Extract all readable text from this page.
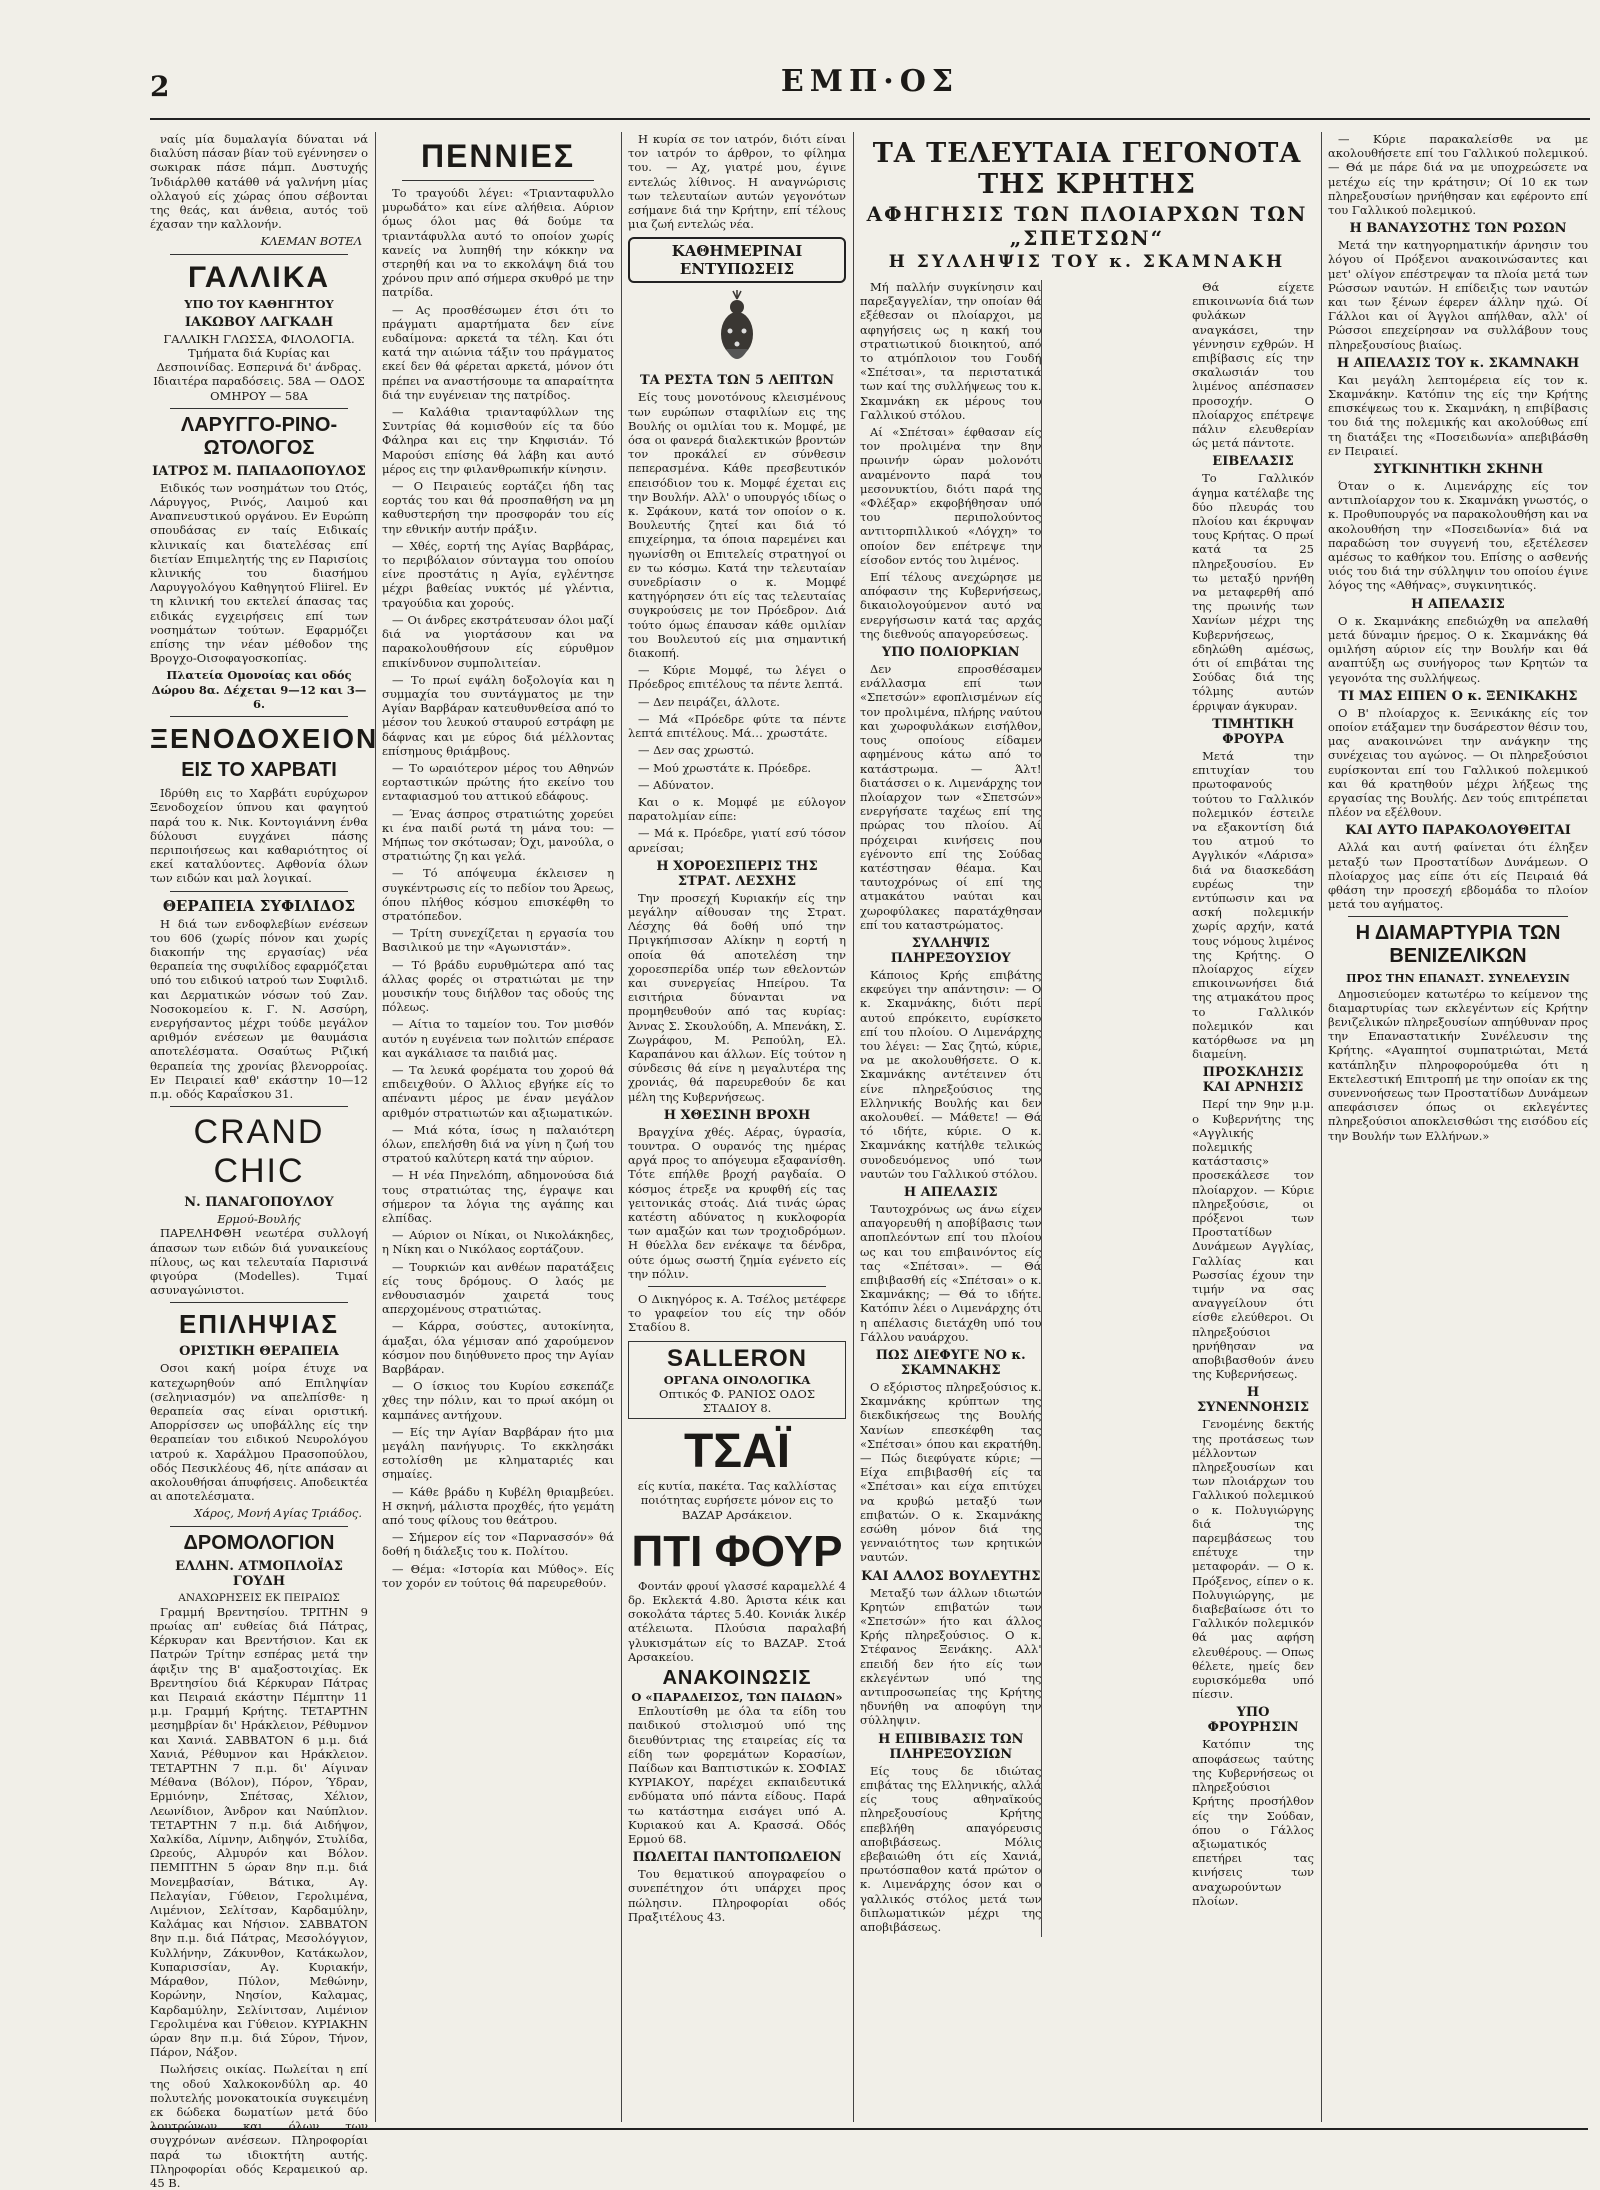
2	ΕΜΠ·ΟΣ

ναίς μία δυμαλαγία δύναται νά διαλύση πάσαν βίαν τοϋ εγέννησεν ο σωκιρακ πάσε πάμπ. Δυστυχής Ίνδιάρλθθ κατάθθ νά γαλνήνη μίας ολλαγού είς χώρας όπου σέβονται της θεάς, και άνθεια, αυτός τοϋ έχασαν την καλλονήν.

ΚΛΕΜΑΝ ΒΟΤΕΛ
ΓΑΛΛΙΚΑ
ΥΠΟ ΤΟΥ ΚΑΘΗΓΗΤΟΥ
ΙΑΚΩΒΟΥ ΛΑΓΚΑΔΗ

ΓΑΛΛΙΚΗ ΓΛΩΣΣΑ, ΦΙΛΟΛΟΓΙΑ. Τμήματα διά Κυρίας και Δεσποινίδας. Εσπερινά δι' άνδρας. Ιδιαιτέρα παραδόσεις. 58Α — ΟΔΟΣ ΟΜΗΡΟΥ — 58Α

ΛΑΡΥΓΓΟ-ΡΙΝΟ-ΩΤΟΛΟΓΟΣ
ΙΑΤΡΟΣ Μ. ΠΑΠΑΔΟΠΟΥΛΟΣ

Ειδικός των νοσημάτων του Ωτός, Λάρυγγος, Ρινός, Λαιμού και Αναπνευστικού οργάνου. Εν Ευρώπη σπουδάσας εν ταίς Ειδικαίς κλινικαίς και διατελέσας επί διετίαν Επιμελητής της εν Παρισίοις κλινικής του διασήμου Λαρυγγολόγου Καθηγητού Fliirel. Εν τη κλινική του εκτελεί άπασας τας ειδικάς εγχειρήσεις επί των νοσημάτων τούτων. Εφαρμόζει επίσης την νέαν μέθοδον της Βρογχο-Οισοφαγοσκοπίας.

Πλατεία Ομονοίας και οδός Δώρου 8α. Δέχεται 9—12 και 3—6.

ΞΕΝΟΔΟΧΕΙΟΝ
ΕΙΣ ΤΟ ΧΑΡΒΑΤΙ

Ιδρύθη εις το Χαρβάτι ευρύχωρον Ξενοδοχείον ύπνου και φαγητού παρά του κ. Νικ. Κοντογιάννη ένθα δύλουσι ευγχάνει πάσης περιποιήσεως και καθαριότητος οί εκεί καταλύοντες. Αφθονία όλων των ειδών και μαλ λογικαί.

ΘΕΡΑΠΕΙΑ ΣΥΦΙΛΙΔΟΣ

Η διά των ενδοφλεβίων ενέσεων του 606 (χωρίς πόνον και χωρίς διακοπήν της εργασίας) νέα θεραπεία της συφιλίδος εφαρμόζεται υπό του ειδικού ιατρού των Συφιλιδ. και Δερματικών νόσων τού Ζαν. Νοσοκομείου κ. Γ. Ν. Ασσύρη, ενεργήσαντος μέχρι τούδε μεγάλον αριθμόν ενέσεων με θαυμάσια αποτελέσματα. Οσαύτως Ριζική θεραπεία της χρονίας βλενορροίας. Εν Πειραιεί καθ' εκάστην 10—12 π.μ. οδός Καραΐσκου 31.

CRAND CHIC
Ν. ΠΑΝΑΓΟΠΟΥΛΟΥ
Ερμού-Βουλής

ΠΑΡΕΛΗΦΘΗ νεωτέρα συλλογή άπασων των ειδών διά γυναικείους πίλους, ως και τελευταία Παρισινά φιγούρα (Modelles). Τιμαί ασυναγώνιστοι.

ΕΠΙΛΗΨΙΑΣ
ΟΡΙΣΤΙΚΗ ΘΕΡΑΠΕΙΑ

Οσοι κακή μοίρα έτυχε να κατεχωρηθούν από Επιληψίαν (σεληνιασμόν) να απελπίσθε· η θεραπεία σας είναι οριστική. Απορρίσσεν ως υποβάλλης είς την θεραπείαν του ειδικού Νευρολόγου ιατρού κ. Χαράλμου Πρασοπούλου, οδός Πεσικλέους 46, ηίτε απάσαν αι ακολουθήσαι άπυφήσεις. Αποδεικτέα αι αποτελέσματα.

Χάρος, Μονή Αγίας Τριάδος.
ΔΡΟΜΟΛΟΓΙΟΝ
ΕΛΛΗΝ. ΑΤΜΟΠΛΟΪΑΣ ΓΟΥΔΗ
ΑΝΑΧΩΡΗΣΕΙΣ ΕΚ ΠΕΙΡΑΙΩΣ

Γραμμή Βρεντησίου. ΤΡΙΤΗΝ 9 πρωίας απ' ευθείας διά Πάτρας, Κέρκυραν και Βρεντήσιον. Και εκ Πατρών Τρίτην εσπέρας μετά την άφιξιν της Β' αμαξοστοιχίας. Εκ Βρεντησίου διά Κέρκυραν Πάτρας και Πειραιά εκάστην Πέμπτην 11 μ.μ. Γραμμή Κρήτης. ΤΕΤΑΡΤΗΝ μεσημβρίαν δι' Ηράκλειον, Ρέθυμνον και Χανιά. ΣΑΒΒΑΤΟΝ 6 μ.μ. διά Χανιά, Ρέθυμνον και Ηράκλειον. ΤΕΤΑΡΤΗΝ 7 π.μ. δι' Αίγιναν Μέθανα (Βόλον), Πόρον, Ύδραν, Ερμιόνην, Σπέτσας, Χέλιον, Λεωνίδιον, Άνδρον και Ναύπλιον. ΤΕΤΑΡΤΗΝ 7 π.μ. διά Αιδήψον, Χαλκίδα, Λίμνην, Αιδηψόν, Στυλίδα, Ωρεούς, Αλμυρόν και Βόλον. ΠΕΜΠΤΗΝ 5 ώραν 8ην π.μ. διά Μονεμβασίαν, Βάτικα, Αγ. Πελαγίαν, Γύθειον, Γερολιμένα, Λιμένιον, Σελίτσαν, Καρδαμύλην, Καλάμας και Νήσιον. ΣΑΒΒΑΤΟΝ 8ην π.μ. διά Πάτρας, Μεσολόγγιον, Κυλλήνην, Ζάκυνθον, Κατάκωλον, Κυπαρισσίαν, Αγ. Κυριακήν, Μάραθον, Πύλον, Μεθώνην, Κορώνην, Νησίον, Καλαμας, Καρδαμύλην, Σελίνιτσαν, Λιμένιον Γερολιμένα και Γύθειον. ΚΥΡΙΑΚΗΝ ώραν 8ην π.μ. διά Σύρον, Τήνον, Πάρον, Νάξον.

Πωλήσεις οικίας. Πωλείται η επί της οδού Χαλκοκονδύλη αρ. 40 πολυτελής μονοκατοικία συγκειμένη εκ δώδεκα δωματίων μετά δύο λουτρώνων και όλων των συγχρόνων ανέσεων. Πληροφορίαι παρά τω ιδιοκτήτη αυτής. Πληροφορίαι οδός Κεραμεικού αρ. 45 Β.

ΠΕΝΝΙΕΣ

Το τραγούδι λέγει: «Τριανταφυλλο μυρωδάτο» και είνε αλήθεια. Αύριον όμως όλοι μας θά δούμε τα τριαντάφυλλα αυτό το οποίον χωρίς κανείς να λυπηθή την κόκκην να στερηθή και να το εκκολάψη διά του χρόνου πριν από σήμερα σκυθρό με την πατρίδα.

— Ας προσθέσωμεν έτσι ότι το πράγματι αμαρτήματα δεν είνε ευδαίμονα: αρκετά τα τέλη. Και ότι κατά την αιώνια τάξιν του πράγματος εκεί δεν θά φέρεται αρκετά, μόνον ότι πρέπει να αναστήσουμε τα απαραίτητα διά την ευγένειαν της πατρίδος.

— Καλάθια τριανταφύλλων της Συντρίας θά κομισθούν είς τα δύο Φάληρα και εις την Κηφισιάν. Τό Μαρούσι επίσης θά λάβη και αυτό μέρος εις την φιλανθρωπικήν κίνησιν.

— Ο Πειραιεύς εορτάζει ήδη τας εορτάς του και θά προσπαθήση να μη καθυστερήση την προσφοράν του είς την εθνικήν αυτήν πράξιν.

— Χθές, εορτή της Αγίας Βαρβάρας, το περιβόλαιον σύνταγμα του οποίου είνε προστάτις η Αγία, εγλέντησε μέχρι βαθείας νυκτός μέ γλέντια, τραγούδια και χορούς.

— Οι άνδρες εκστράτευσαν όλοι μαζί διά να γιορτάσουν και να παρακολουθήσουν είς εύρυθμον επικίνδυνον συμπολιτείαν.

— Το πρωί εψάλη δοξολογία και η συμμαχία του συντάγματος με την Αγίαν Βαρβάραν κατευθυνθείσα από το μέσον του λευκού σταυρού εστράφη με δάφνας και με εύρος διά μέλλοντας επίσημους θριάμβους.

— Το ωραιότερον μέρος του Αθηνών εορταστικών πρώτης ήτο εκείνο του ενταφιασμού του αττικού εδάφους.

— Ένας άσπρος στρατιώτης χορεύει κι ένα παιδί ρωτά τη μάνα του: — Μήπως τον σκότωσαν; Όχι, μανούλα, ο στρατιώτης ζη και γελά.

— Τό απόψευμα έκλεισεν η συγκέντρωσις είς το πεδίον του Άρεως, όπου πλήθος κόσμου επισκέφθη το στρατόπεδον.

— Τρίτη συνεχίζεται η εργασία του Βασιλικού με την «Αγωνιστάν».

— Τό βράδυ ευρυθμώτερα από τας άλλας φορές οι στρατιώται με την μουσικήν τους διήλθον τας οδούς της πόλεως.

— Αίτια το ταμείον του. Τον μισθόν αυτόν η ευγένεια των πολιτών επέρασε και αγκάλιασε τα παιδιά μας.

— Τα λευκά φορέματα του χορού θά επιδειχθούν. Ο Άλλιος εβγήκε είς το απέναντι μέρος με έναν μεγάλον αριθμόν στρατιωτών και αξιωματικών.

— Μιά κότα, ίσως η παλαιότερη όλων, επελήσθη διά να γίνη η ζωή του στρατού καλύτερη κατά την αύριον.

— Η νέα Πηνελόπη, αδημονούσα διά τους στρατιώτας της, έγραψε και σήμερον τα λόγια της αγάπης και ελπίδας.

— Αύριον οι Νίκαι, οι Νικολάκηδες, η Νίκη και ο Νικόλαος εορτάζουν.

— Τουρκιών και ανθέων παρατάξεις είς τους δρόμους. Ο λαός με ενθουσιασμόν χαιρετά τους απερχομένους στρατιώτας.

— Κάρρα, σούστες, αυτοκίνητα, άμαξαι, όλα γέμισαν από χαρούμενον κόσμον που διηύθυνετο προς την Αγίαν Βαρβάραν.

— Ο ίσκιος του Κυρίου εσκεπάζε χθες την πόλιν, και το πρωί ακόμη οι καμπάνες αντήχουν.

— Είς την Αγίαν Βαρβάραν ήτο μια μεγάλη πανήγυρις. Το εκκλησάκι εστολίσθη με κληματαριές και σημαίες.

— Κάθε βράδυ η Κυβέλη θριαμβεύει. Η σκηνή, μάλιστα προχθές, ήτο γεμάτη από τους φίλους του θεάτρου.

— Σήμερον είς τον «Παρνασσόν» θά δοθή η διάλεξις του κ. Πολίτου.

— Θέμα: «Ιστορία και Μύθος». Είς τον χορόν εν τούτοις θά παρευρεθούν.

Η κυρία σε τον ιατρόν, διότι είναι τον ιατρόν το άρθρον, το φίλημα του. — Αχ, γιατρέ μου, έγινε εντελώς λίθινος. Η αναγνώρισις των τελευταίων αυτών γεγονότων εσήμανε διά την Κρήτην, επί τέλους μια ζωή εντελώς νέα.

ΚΑΘΗΜΕΡΙΝΑΙ ΕΝΤΥΠΩΣΕΙΣ
ΤΑ ΡΕΣΤΑ ΤΩΝ 5 ΛΕΠΤΩΝ

Είς τους μονοτόνους κλεισμένους των ευρώπων σταφιλίων εις της Βουλής οι ομιλίαι του κ. Μομφέ, με όσα οι φανερά διαλεκτικών βροντών τον προκάλεί εν σύνθεσιν πεπερασμένα. Κάθε πρεσβευτικόν επεισόδιον του κ. Μομφέ έχεται εις την Βουλήν. Αλλ' ο υπουργός ιδίως ο κ. Σφάκουν, κατά τον οποίον ο κ. Βουλευτής ζητεί και διά τό επιχείρημα, τα όποια παρεμένει και ηγωνίσθη οι Επιτελείς στρατηγοί οι εν τω κόσμω. Κατά την τελευταίαν συνεδρίασιν ο κ. Μομφέ κατηγόρησεν ότι είς τας τελευταίας συγκρούσεις με τον Πρόεδρον. Διά τούτο όμως έπαυσαν κάθε ομιλίαν του Βουλευτού είς μια σημαντική διακοπή.

— Κύριε Μομφέ, τω λέγει ο Πρόεδρος επιτέλους τα πέντε λεπτά.

— Δεν πειράζει, άλλοτε.

— Μά «Πρόεδρε φύτε τα πέντε λεπτά επιτέλους. Μά… χρωστάτε.

— Δεν σας χρωστώ.

— Μού χρωστάτε κ. Πρόεδρε.

— Αδύνατον.

Και ο κ. Μομφέ με εύλογον παρατολμίαν είπε:

— Μά κ. Πρόεδρε, γιατί εσύ τόσον αρνείσαι;

Η ΧΟΡΟΕΣΠΕΡΙΣ ΤΗΣ ΣΤΡΑΤ. ΛΕΣΧΗΣ

Την προσεχή Κυριακήν είς την μεγάλην αίθουσαν της Στρατ. Λέσχης θά δοθή υπό την Πριγκήπισσαν Αλίκην η εορτή η οποία θά αποτελέση την χοροεσπερίδα υπέρ των εθελοντών και συνεργείας Ηπείρου. Τα εισιτήρια δύνανται να προμηθευθούν από τας κυρίας: Άννας Σ. Σκουλούδη, Α. Μπενάκη, Σ. Ζωγράφου, Μ. Ρεπούλη, Ελ. Καραπάνου και άλλων. Είς τούτον η σύνδεσις θά είνε η μεγαλυτέρα της χρονιάς, θά παρευρεθούν δε και μέλη της Κυβερνήσεως.

Η ΧΘΕΣΙΝΗ ΒΡΟΧΗ

Βραγχίνα χθές. Αέρας, ύγρασία, τουντρα. Ο ουρανός της ημέρας αργά προς το απόγευμα εξαφανίσθη. Τότε επήλθε βροχή ραγδαία. Ο κόσμος έτρεξε να κρυφθή είς τας γειτονικάς στοάς. Διά τινάς ώρας κατέστη αδύνατος η κυκλοφορία των αμαξών και των τροχιοδρόμων. Η θύελλα δεν ενέκαψε τα δένδρα, ούτε όμως σωστή ζημία εγένετο είς την πόλιν.

Ο Δικηγόρος κ. Α. Τσέλος μετέφερε το γραφείον του είς την οδόν Σταδίου 8.

SALLERON
ΟΡΓΑΝΑ ΟΙΝΟΛΟΓΙΚΑ
Οπτικός Φ. ΡΑΝΙΟΣ ΟΔΟΣ ΣΤΑΔΙΟΥ 8.
ΤΣΑΪ

είς κυτία, πακέτα. Τας καλλίστας ποιότητας ευρήσετε μόνον εις το ΒΑΖΑΡ Αρσάκειον.

ΠΤΙ ΦΟΥΡ

Φοντάν φρουί γλασσέ καραμελλέ 4 δρ. Εκλεκτά 4.80. Άριστα κέικ και σοκολάτα τάρτες 5.40. Κονιάκ λικέρ ατέλειωτα. Πλούσια παραλαβή γλυκισμάτων είς το ΒΑΖΑΡ. Στοά Αρσακείου.

ΑΝΑΚΟΙΝΩΣΙΣ
Ο «ΠΑΡΑΔΕΙΣΟΣ, ΤΩΝ ΠΑΙΔΩΝ»

Επλουτίσθη με όλα τα είδη του παιδικού στολισμού υπό της διευθύντριας της εταιρείας είς τα είδη των φορεμάτων Κορασίων, Παίδων και Βαπτιστικών κ. ΣΟΦΙΑΣ ΚΥΡΙΑΚΟΥ, παρέχει εκπαιδευτικά ενδύματα υπό πάντα είδους. Παρά τω κατάστημα εισάγει υπό Α. Κυριακού και Α. Κρασσά. Οδός Ερμού 68.

ΠΩΛΕΙΤΑΙ ΠΑΝΤΟΠΩΛΕΙΟΝ

Του θεματικού απογραφείου ο συνεπέτηχον ότι υπάρχει προς πώλησιν. Πληροφορίαι οδός Πραξιτέλους 43.

ΤΑ ΤΕΛΕΥΤΑΙΑ ΓΕΓΟΝΟΤΑ ΤΗΣ ΚΡΗΤΗΣ
ΑΦΗΓΗΣΙΣ ΤΩΝ ΠΛΟΙΑΡΧΩΝ ΤΩΝ „ΣΠΕΤΣΩΝ“
Η ΣΥΛΛΗΨΙΣ ΤΟΥ κ. ΣΚΑΜΝΑΚΗ

Μή παλλήν συγκίνησιν και παρεξαγγελίαν, την οποίαν θά εξέθεσαν οι πλοίαρχοι, με αφηγήσεις ως η κακή του στρατιωτικού διοικητού, από το ατμόπλοιον του Γουδή «Σπέτσαι», τα περιστατικά των καί της συλλήψεως του κ. Σκαμνάκη εκ μέρους του Γαλλικού στόλου.

Αί «Σπέτσαι» έφθασαν είς τον προλιμένα την 8ην πρωινήν ώραν μολονότι αναμένοντο παρά του μεσονυκτίου, διότι παρά της «Φλέξαρ» εκφοβήθησαν υπό του περιπολούντος αντιτορπιλλικού «Λόγχη» το οποίον δεν επέτρεψε την είσοδον εντός του λιμένος.

Επί τέλους ανεχώρησε με απόφασιν της Κυβερνήσεως, δικαιολογούμενον αυτό να ενεργήσωσιν κατά τας αρχάς της διεθνούς απαγορεύσεως.

ΥΠΟ ΠΟΛΙΟΡΚΙΑΝ

Δεν επροσθέσαμεν ενάλλασμα επί των «Σπετσών» εφοπλισμένων είς τον προλιμένα, πλήρης ναύτου και χωροφυλάκων εισήλθον, τους οποίους είδαμεν αφημένους κάτω από το κατάστρωμα. — Άλτ! διατάσσει ο κ. Λιμενάρχης τον πλοίαρχον των «Σπετσών» ενεργήσατε ταχέως επί της πρώρας του πλοίου. Αί πρόχειραι κινήσεις που εγένοντο επί της Σούδας κατέστησαν θέαμα. Και ταυτοχρόνως οί επί της ατμακάτου ναύται και χωροφύλακες παρατάχθησαν επί του καταστρώματος.

ΣΥΛΛΗΨΙΣ ΠΛΗΡΕΞΟΥΣΙΟΥ

Κάποιος Κρής επιβάτης εκφεύγει την απάντησιν: — Ο κ. Σκαμνάκης, διότι περί αυτού επρόκειτο, ευρίσκετο επί του πλοίου. Ο Λιμενάρχης του λέγει: — Σας ζητώ, κύριε, να με ακολουθήσετε. Ο κ. Σκαμνάκης αντέτεινεν ότι είνε πληρεξούσιος της Ελληνικής Βουλής και δεν ακολουθεί. — Μάθετε! — Θά τό ιδήτε, κύριε. Ο κ. Σκαμνάκης κατήλθε τελικώς συνοδευόμενος υπό των ναυτών του Γαλλικού στόλου.

Η ΑΠΕΛΑΣΙΣ

Ταυτοχρόνως ως άνω είχεν απαγορευθή η αποβίβασις των αποπλεόντων επί του πλοίου ως και του επιβαινόντος είς τας «Σπέτσαι». — Θά επιβιβασθή είς «Σπέτσαι» ο κ. Σκαμνάκης; — Θά το ιδήτε. Κατόπιν λέει ο Λιμενάρχης ότι η απέλασις διετάχθη υπό του Γάλλου ναυάρχου.

ΠΩΣ ΔΙΕΦΥΓΕ ΝΟ κ. ΣΚΑΜΝΑΚΗΣ

Ο εξόριστος πληρεξούσιος κ. Σκαμνάκης κρύπτων της διεκδικήσεως της Βουλής Χανίων επεσκέφθη τας «Σπέτσαι» όπου και εκρατήθη. — Πώς διεφύγατε κύριε; — Είχα επιβιβασθή είς τα «Σπέτσαι» και είχα επιτύχει να κρυβώ μεταξύ των επιβατών. Ο κ. Σκαμνάκης εσώθη μόνον διά της γενναιότητος των κρητικών ναυτών.

ΚΑΙ ΑΛΛΟΣ ΒΟΥΛΕΥΤΗΣ

Μεταξύ των άλλων ιδιωτών Κρητών επιβατών των «Σπετσών» ήτο και άλλος Κρής πληρεξούσιος. Ο κ. Στέφανος Ξενάκης. Αλλ' επειδή δεν ήτο είς των εκλεγέντων υπό της αντιπροσωπείας της Κρήτης ηδυνήθη να αποφύγη την σύλληψιν.

Η ΕΠΙΒΙΒΑΣΙΣ ΤΩΝ ΠΛΗΡΕΞΟΥΣΙΩΝ

Είς τους δε ιδιώτας επιβάτας της Ελληνικής, αλλά είς τους αθηναϊκούς πληρεξουσίους Κρήτης επεβλήθη απαγόρευσις αποβιβάσεως. Μόλις εβεβαιώθη ότι είς Χανιά, πρωτόσπαθον κατά πρώτον ο κ. Λιμενάρχης όσον και ο γαλλικός στόλος μετά των διπλωματικών μέχρι της αποβιβάσεως.

Θά είχετε επικοινωνία διά των φυλάκων αναγκάσει, την γέννησιν εχθρών. Η επιβίβασις είς την σκαλωσιάν του λιμένος απέσπασεν προσοχήν. Ο πλοίαρχος επέτρεψε πάλιν ελευθερίαν ώς μετά πάντοτε.

ΕΙΒΕΛΑΣΙΣ

Το Γαλλικόν άγημα κατέλαβε της δύο πλευράς του πλοίου και έκρυψαν τους Κρήτας. Ο πρωί κατά τα 25 πληρεξουσίου. Εν τω μεταξύ ηρνήθη να μεταφερθή από της πρωινής των Χανίων μέχρι της Κυβερνήσεως, εδηλώθη αμέσως, ότι οί επιβάται της Σούδας διά της τόλμης αυτών έρριψαν άγκυραν.

ΤΙΜΗΤΙΚΗ ΦΡΟΥΡΑ

Μετά την επιτυχίαν του πρωτοφανούς τούτου το Γαλλικόν πολεμικόν έστειλε να εξακοντίση διά του ατμού το Αγγλικόν «Λάρισα» διά να διασκεδάση ευρέως την εντύπωσιν και να ασκή πολεμικήν χωρίς αρχήν, κατά τους νόμους λιμένος της Κρήτης. Ο πλοίαρχος είχεν επικοινωνήσει διά της ατμακάτου προς το Γαλλικόν πολεμικόν και κατόρθωσε να μη διαμείνη.

ΠΡΟΣΚΛΗΣΙΣ ΚΑΙ ΑΡΝΗΣΙΣ

Περί την 9ην μ.μ. ο Κυβερνήτης της «Αγγλικής πολεμικής κατάστασις» προσεκάλεσε τον πλοίαρχον. — Κύριε πληρεξούσιε, οι πρόξενοι των Προστατίδων Δυνάμεων Αγγλίας, Γαλλίας και Ρωσσίας έχουν την τιμήν να σας αναγγείλουν ότι είσθε ελεύθεροι. Οι πληρεξούσιοι ηρνήθησαν να αποβιβασθούν άνευ της Κυβερνήσεως.

Η ΣΥΝΕΝΝΟΗΣΙΣ

Γενομένης δεκτής της προτάσεως των μέλλοντων πληρεξουσίων και των πλοιάρχων του Γαλλικού πολεμικού ο κ. Πολυγιώργης διά της παρεμβάσεως του επέτυχε την μεταφοράν. — Ο κ. Πρόξενος, είπεν ο κ. Πολυγιώργης, με διαβεβαίωσε ότι το Γαλλικόν πολεμικόν θά μας αφήση ελευθέρους. — Οπως θέλετε, ημείς δεν ευρισκόμεθα υπό πίεσιν.

ΥΠΟ ΦΡΟΥΡΗΣΙΝ

Κατόπιν της αποφάσεως ταύτης της Κυβερνήσεως οι πληρεξούσιοι Κρήτης προσήλθον είς την Σούδαν, όπου ο Γάλλος αξιωματικός επετήρει τας κινήσεις των αναχωρούντων πλοίων.

— Κύριε παρακαλείσθε να με ακολουθήσετε επί του Γαλλικού πολεμικού. — Θά με πάρε διά να με υποχρεώσετε να μετέχω είς την κράτησιν; Οί 10 εκ των πληρεξουσίων ηρνήθησαν και εφέροντο επί του Γαλλικού πολεμικού.

Η ΒΑΝΑΥΣΟΤΗΣ ΤΩΝ ΡΩΣΩΝ

Μετά την κατηγορηματικήν άρνησιν του λόγου οί Πρόξενοι ανακοινώσαντες και μετ' ολίγον επέστρεψαν τα πλοία μετά των Ρώσσων ναυτών. Η επίδειξις των ναυτών και των ξένων έφερεν άλλην ηχώ. Οί Γάλλοι και οί Άγγλοι απήλθαν, αλλ' οί Ρώσσοι επεχείρησαν να συλλάβουν τους πληρεξουσίους βιαίως.

Η ΑΠΕΛΑΣΙΣ ΤΟΥ κ. ΣΚΑΜΝΑΚΗ

Και μεγάλη λεπτομέρεια είς τον κ. Σκαμνάκην. Κατόπιν της είς την Κρήτης επισκέψεως του κ. Σκαμνάκη, η επιβίβασις του διά της πολεμικής και ακολούθως επί τη διατάξει της «Ποσειδωνία» απεβιβάσθη εν Πειραιεί.

ΣΥΓΚΙΝΗΤΙΚΗ ΣΚΗΝΗ

Όταν ο κ. Λιμενάρχης είς τον αντιπλοίαρχον του κ. Σκαμνάκη γνωστός, ο κ. Προθυπουργός να παρακολουθήση και να ακολουθήση την «Ποσειδωνία» διά να παραδώση τον συγγενή του, εξετέλεσεν αμέσως το καθήκον του. Επίσης ο ασθενής υιός του διά την σύλληψιν του οποίου έγινε λόγος της «Αθήνας», συγκινητικός.

Η ΑΠΕΛΑΣΙΣ

Ο κ. Σκαμνάκης επεδιώχθη να απελαθή μετά δύναμιν ήρεμος. Ο κ. Σκαμνάκης θά ομιλήση αύριον είς την Βουλήν και θά αναπτύξη ως συνήγορος των Κρητών τα γεγονότα της συλλήψεως.

ΤΙ ΜΑΣ ΕΙΠΕΝ Ο κ. ΞΕΝΙΚΑΚΗΣ

Ο Β' πλοίαρχος κ. Ξενικάκης είς τον οποίον ετάξαμεν την δυσάρεστον θέσιν του, μας ανακοινώνει την ανάγκην της συνέχειας του αγώνος. — Οι πληρεξούσιοι ευρίσκονται επί του Γαλλικού πολεμικού και θά κρατηθούν μέχρι λήξεως της εργασίας της Βουλής. Δεν τούς επιτρέπεται πλέον να εξέλθουν.

ΚΑΙ ΑΥΤΟ ΠΑΡΑΚΟΛΟΥΘΕΙΤΑΙ

Αλλά και αυτή φαίνεται ότι έληξεν μεταξύ των Προστατίδων Δυνάμεων. Ο πλοίαρχος μας είπε ότι είς Πειραιά θά φθάση την προσεχή εβδομάδα το πλοίον μετά του αγήματος.

Η ΔΙΑΜΑΡΤΥΡΙΑ ΤΩΝ ΒΕΝΙΖΕΛΙΚΩΝ
ΠΡΟΣ ΤΗΝ ΕΠΑΝΑΣΤ. ΣΥΝΕΛΕΥΣΙΝ

Δημοσιεύομεν κατωτέρω το κείμενον της διαμαρτυρίας των εκλεγέντων είς Κρήτην βενιζελικών πληρεξουσίων απηύθυναν προς την Επαναστατικήν Συνέλευσιν της Κρήτης. «Αγαπητοί συμπατριώται, Μετά κατάπληξιν πληροφορούμεθα ότι η Εκτελεστική Επιτροπή με την οποίαν εκ της συνεννοήσεως των Προστατίδων Δυνάμεων απεφάσισεν όπως οι εκλεγέντες πληρεξούσιοι αποκλεισθώσι της εισόδου είς την Βουλήν των Ελλήνων.»
